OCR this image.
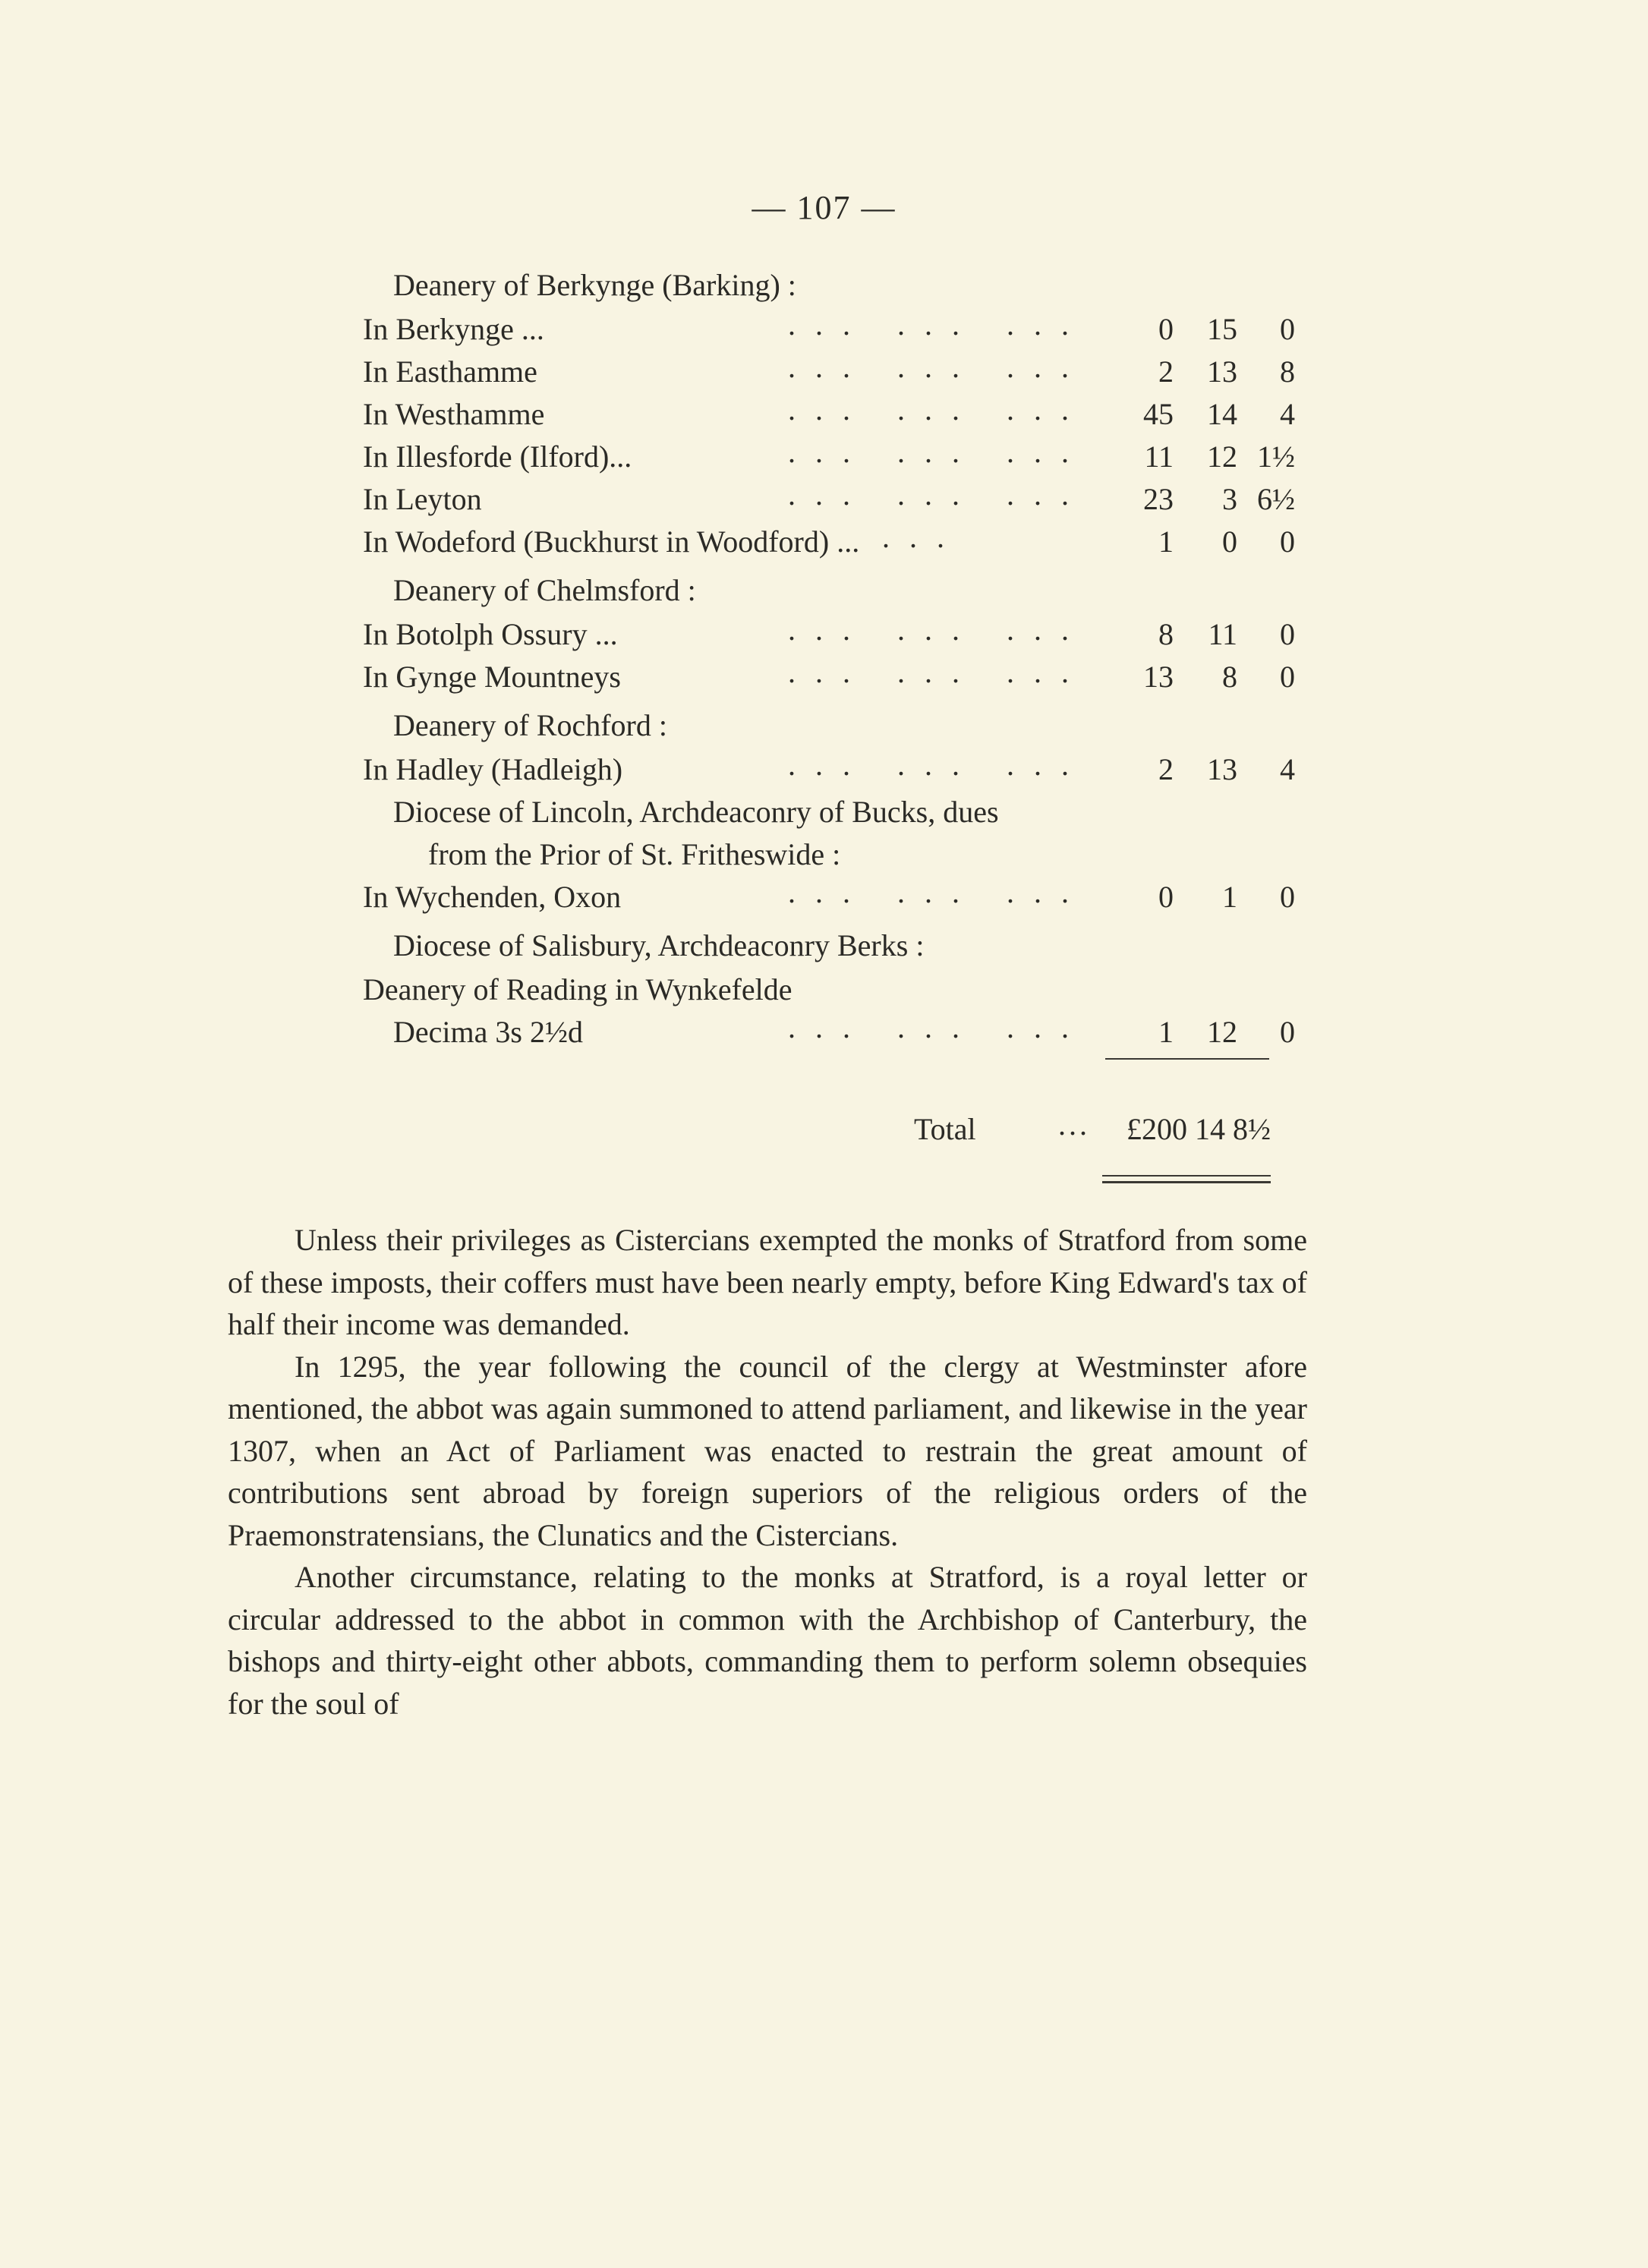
— 107 —
Deanery of Berkynge (Barking) :
In Berkynge ...	... ... ...	0	15	0
In Easthamme	... ... ...	2	13	8
In Westhamme	... ... ...	45	14	4
In Illesforde (Ilford)...	... ... ...	11	12 1½
In Leyton	... ... ...	23	3 6½
In Wodeford (Buckhurst in Woodford) ... ...	1	0	0
Deanery of Chelmsford :
In Botolph Ossury ...	... ... ...	8	11	0
In Gynge Mountneys	... ... ...	13	8	0
Deanery of Rochford :
In Hadley (Hadleigh)	... ... ...	2	13	4
Diocese of Lincoln, Archdeaconry of Bucks, dues
from the Prior of St. Fritheswide :
In Wychenden, Oxon	... ... ...	0	1	0
Diocese of Salisbury, Archdeaconry Berks :
Deanery of Reading in Wynkefelde
Decima 3s 2½d	... ... ...	1	12	0
Total	...	£200 14 8½

Unless their privileges as Cistercians exempted the monks of Stratford from some of these imposts, their coffers must have been nearly empty, before King Edward's tax of half their income was demanded.

In 1295, the year following the council of the clergy at Westminster afore mentioned, the abbot was again summoned to attend parliament, and likewise in the year 1307, when an Act of Parliament was enacted to restrain the great amount of contributions sent abroad by foreign superiors of the religious orders of the Praemonstratensians, the Clunatics and the Cistercians.

Another circumstance, relating to the monks at Stratford, is a royal letter or circular addressed to the abbot in common with the Archbishop of Canterbury, the bishops and thirty-eight other abbots, commanding them to perform solemn obsequies for the soul of
